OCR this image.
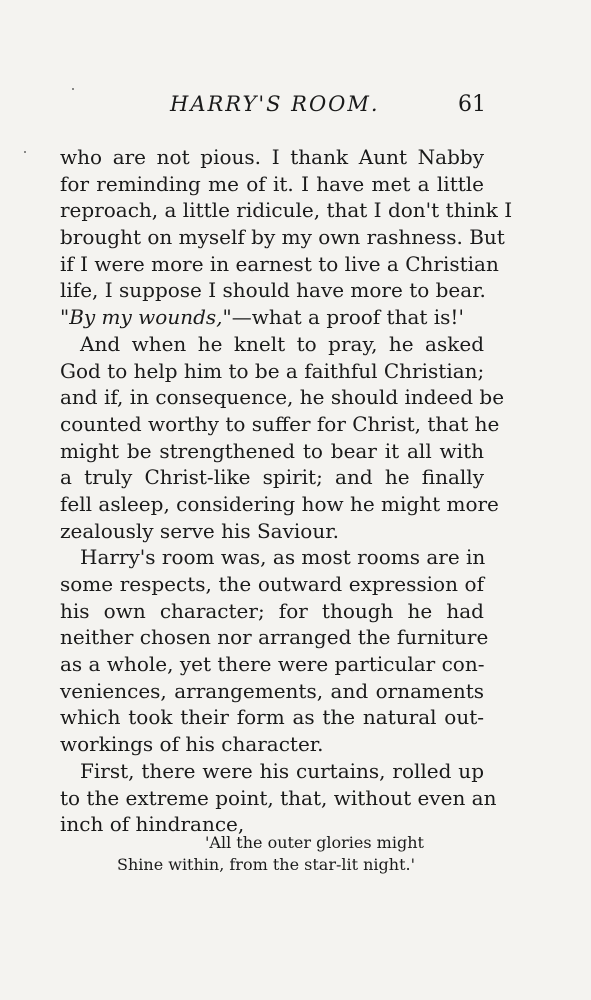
HARRY'S ROOM.	61
who are not pious. I thank Aunt Nabby
for reminding me of it. I have met a little
reproach, a little ridicule, that I don't think I
brought on myself by my own rashness. But
if I were more in earnest to live a Christian
life, I suppose I should have more to bear.
"By my wounds,"—what a proof that is!'
And when he knelt to pray, he asked
God to help him to be a faithful Christian;
and if, in consequence, he should indeed be
counted worthy to suffer for Christ, that he
might be strengthened to bear it all with
a truly Christ-like spirit; and he finally
fell asleep, considering how he might more
zealously serve his Saviour.
Harry's room was, as most rooms are in
some respects, the outward expression of
his own character; for though he had
neither chosen nor arranged the furniture
as a whole, yet there were particular con-
veniences, arrangements, and ornaments
which took their form as the natural out-
workings of his character.
First, there were his curtains, rolled up
to the extreme point, that, without even an
inch of hindrance,
'All the outer glories might
Shine within, from the star-lit night.'
